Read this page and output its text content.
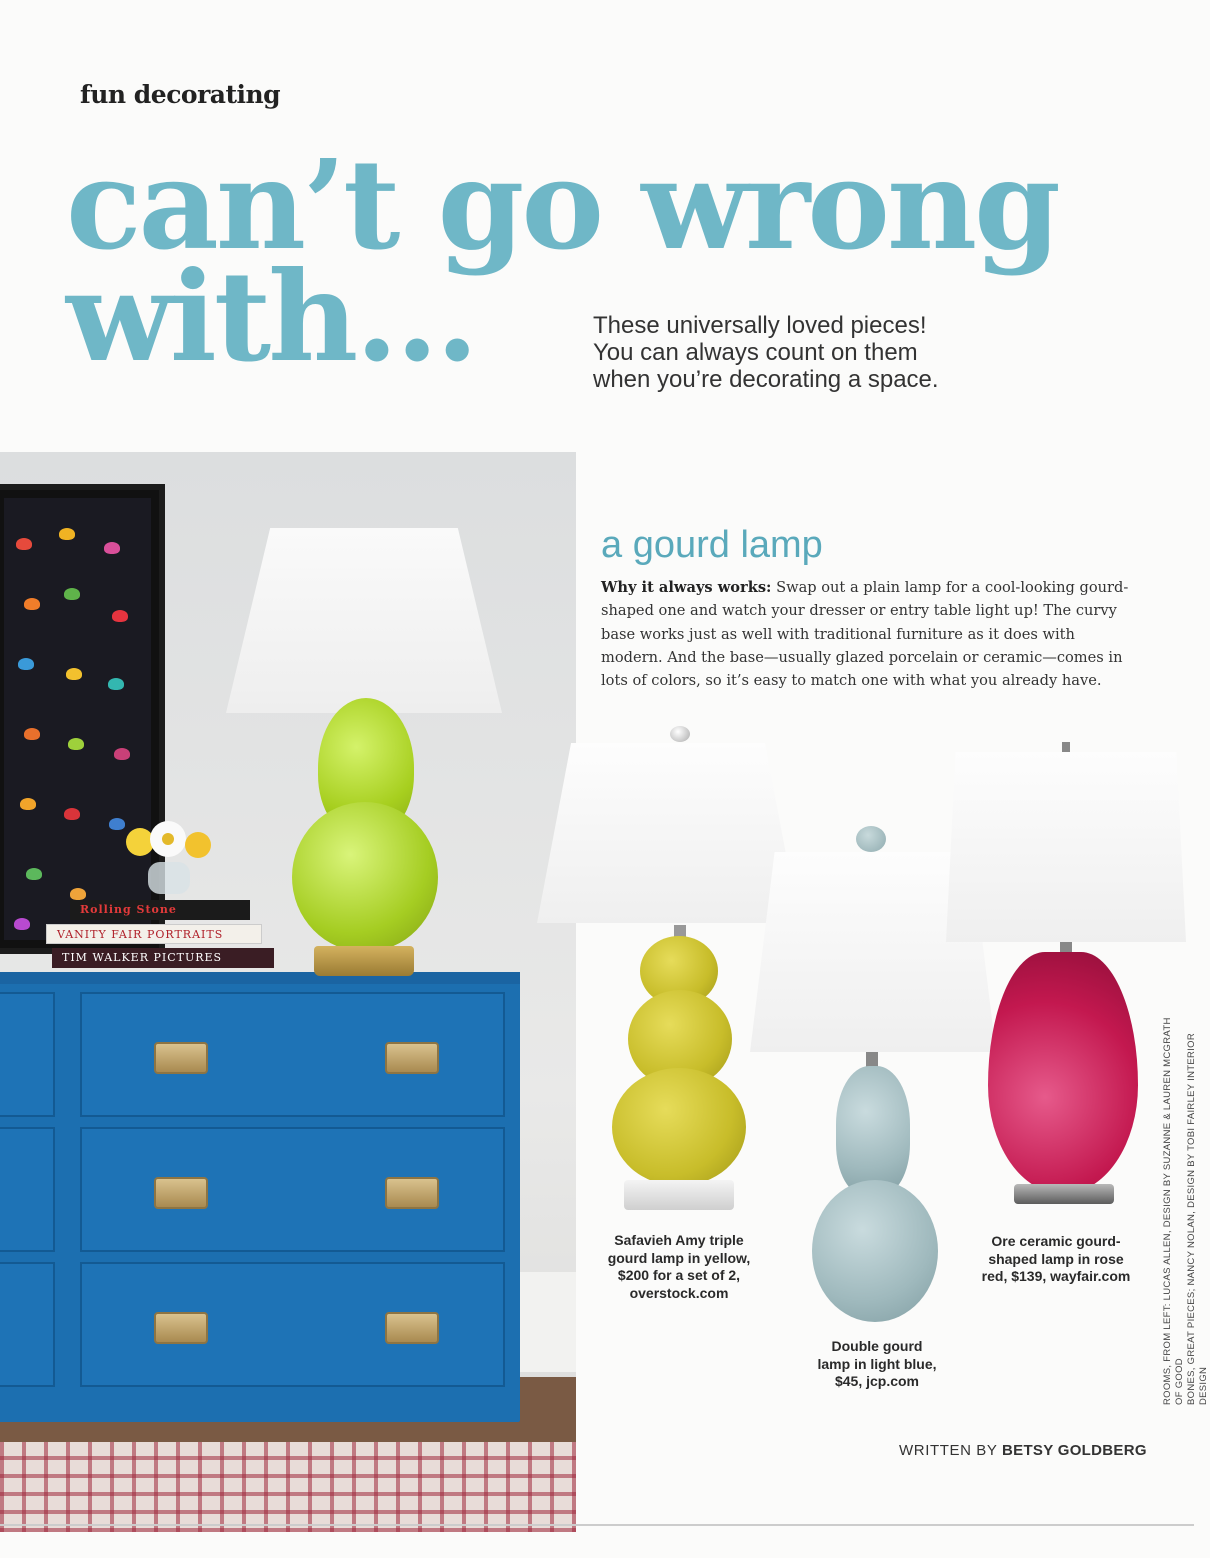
fun decorating
can’t go wrong
with...	These universally loved pieces!
You can always count on them
when you’re decorating a space.
Rolling Stone
VANITY FAIR PORTRAITS
TIM WALKER PICTURES
a gourd lamp

Why it always works: Swap out a plain lamp for a cool-looking gourd-shaped one and watch your dresser or entry table light up! The curvy base works just as well with traditional furniture as it does with modern. And the base—usually glazed porcelain or ceramic—comes in lots of colors, so it’s easy to match one with what you already have.

Safavieh Amy triple
gourd lamp in yellow,
$200 for a set of 2,
overstock.com
Double gourd
lamp in light blue,
$45, jcp.com
Ore ceramic gourd-
shaped lamp in rose
red, $139, wayfair.com	ROOMS, FROM LEFT: LUCAS ALLEN, DESIGN BY SUZANNE & LAUREN MCGRATH OF GOOD BONES, GREAT PIECES; NANCY NOLAN, DESIGN BY TOBI FAIRLEY INTERIOR DESIGN
WRITTEN BY BETSY GOLDBERG
